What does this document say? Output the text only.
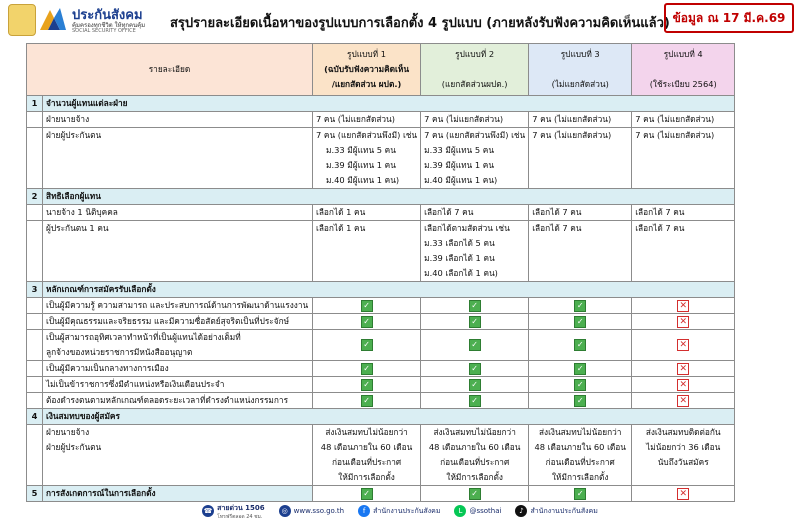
ประกันสังคม
คุ้มครองทุกชีวิต ให้ทุกคนคุ้ม
SOCIAL SECURITY OFFICE	สรุปรายละเอียดเนื้อหาของรูปแบบการเลือกตั้ง 4 รูปแบบ (ภายหลังรับฟังความคิดเห็นแล้ว) ข้อมูล ณ 17 มี.ค.69
รายละเอียด		รูปแบบที่ 1
(ฉบับรับฟังความคิดเห็น
/แยกสัดส่วน ผปต.)	รูปแบบที่ 2
(แยกสัดส่วนผปต.)	รูปแบบที่ 3
(ไม่แยกสัดส่วน)	รูปแบบที่ 4
(ใช้ระเบียบ 2564)

1	จำนวนผู้แทนแต่ละฝ่าย				
	ฝ่ายนายจ้าง	7 คน (ไม่แยกสัดส่วน)	7 คน (ไม่แยกสัดส่วน)	7 คน (ไม่แยกสัดส่วน)	7 คน (ไม่แยกสัดส่วน)
	ฝ่ายผู้ประกันตน	7 คน (แยกสัดส่วนพึงมี) เช่น
ม.33 มีผู้แทน 5 คน
ม.39 มีผู้แทน 1 คน
ม.40 มีผู้แทน 1 คน)	7 คน (แยกสัดส่วนพึงมี) เช่น
ม.33 มีผู้แทน 5 คน
ม.39 มีผู้แทน 1 คน
ม.40 มีผู้แทน 1 คน)	7 คน (ไม่แยกสัดส่วน)	7 คน (ไม่แยกสัดส่วน)
2	สิทธิเลือกผู้แทน				
	นายจ้าง 1 นิติบุคคล	เลือกได้ 1 คน	เลือกได้ 7 คน	เลือกได้ 7 คน	เลือกได้ 7 คน
	ผู้ประกันตน 1 คน	เลือกได้ 1 คน	เลือกได้ตามสัดส่วน เช่น
ม.33 เลือกได้ 5 คน
ม.39 เลือกได้ 1 คน
ม.40 เลือกได้ 1 คน)	เลือกได้ 7 คน	เลือกได้ 7 คน
3	หลักเกณฑ์การสมัครรับเลือกตั้ง				

	เป็นผู้มีความรู้ ความสามารถ และประสบการณ์ด้านการพัฒนาด้านแรงงาน	✓	✓	✓	✕

	เป็นผู้มีคุณธรรมและจริยธรรม และมีความซื่อสัตย์สุจริตเป็นที่ประจักษ์	✓	✓	✓	✕

	เป็นผู้สามารถอุทิศเวลาทำหน้าที่เป็นผู้แทนได้อย่างเต็มที่
ลูกจ้างของหน่วยราชการมีหนังสืออนุญาต	✓	✓	✓	✕

	เป็นผู้มีความเป็นกลางทางการเมือง	✓	✓	✓	✕

	ไม่เป็นข้าราชการซึ่งมีตำแหน่งหรือเงินเดือนประจำ	✓	✓	✓	✕

	ต้องดำรงตนตามหลักเกณฑ์ตลอดระยะเวลาที่ดำรงตำแหน่งกรรมการ	✓	✓	✓	✕
4	เงินสมทบของผู้สมัคร				

	ฝ่ายนายจ้าง
ฝ่ายผู้ประกันตน	ส่งเงินสมทบไม่น้อยกว่า
48 เดือนภายใน 60 เดือน
ก่อนเดือนที่ประกาศ
ให้มีการเลือกตั้ง	ส่งเงินสมทบไม่น้อยกว่า
48 เดือนภายใน 60 เดือน
ก่อนเดือนที่ประกาศ
ให้มีการเลือกตั้ง	ส่งเงินสมทบไม่น้อยกว่า
48 เดือนภายใน 60 เดือน
ก่อนเดือนที่ประกาศ
ให้มีการเลือกตั้ง	ส่งเงินสมทบติดต่อกัน
ไม่น้อยกว่า 36 เดือน
นับถึงวันสมัคร

5	การสังเกตการณ์ในการเลือกตั้ง	✓	✓	✓	✕
☎ สายด่วน 1506
โทรฟรีตลอด 24 ชม.
◎ www.sso.go.th	f	สำนักงานประกันสังคม	L	@ssothai	♪ สำนักงานประกันสังคม
